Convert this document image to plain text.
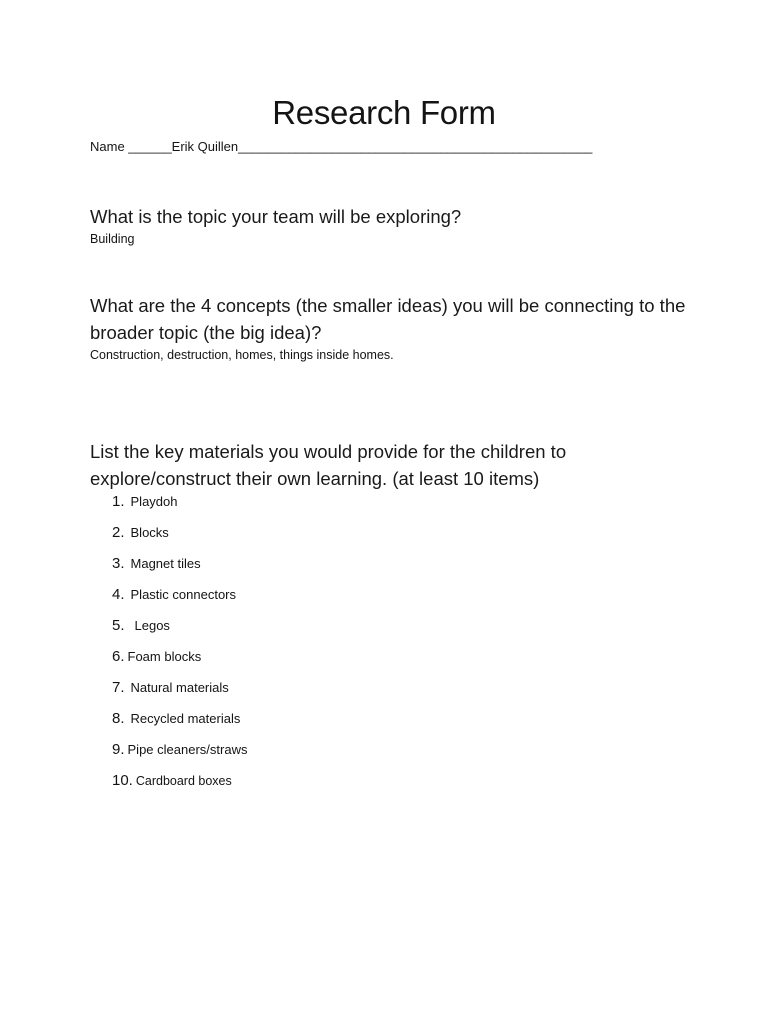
Research Form
Name ______Erik Quillen_________________________________________________
What is the topic your team will be exploring?
Building
What are the 4 concepts (the smaller ideas) you will be connecting to the broader topic (the big idea)?
Construction, destruction, homes, things inside homes.
List the key materials you would provide for the children to explore/construct their own learning. (at least 10 items)
1. Playdoh
2. Blocks
3. Magnet tiles
4. Plastic connectors
5. Legos
6. Foam blocks
7. Natural materials
8. Recycled materials
9. Pipe cleaners/straws
10. Cardboard boxes
